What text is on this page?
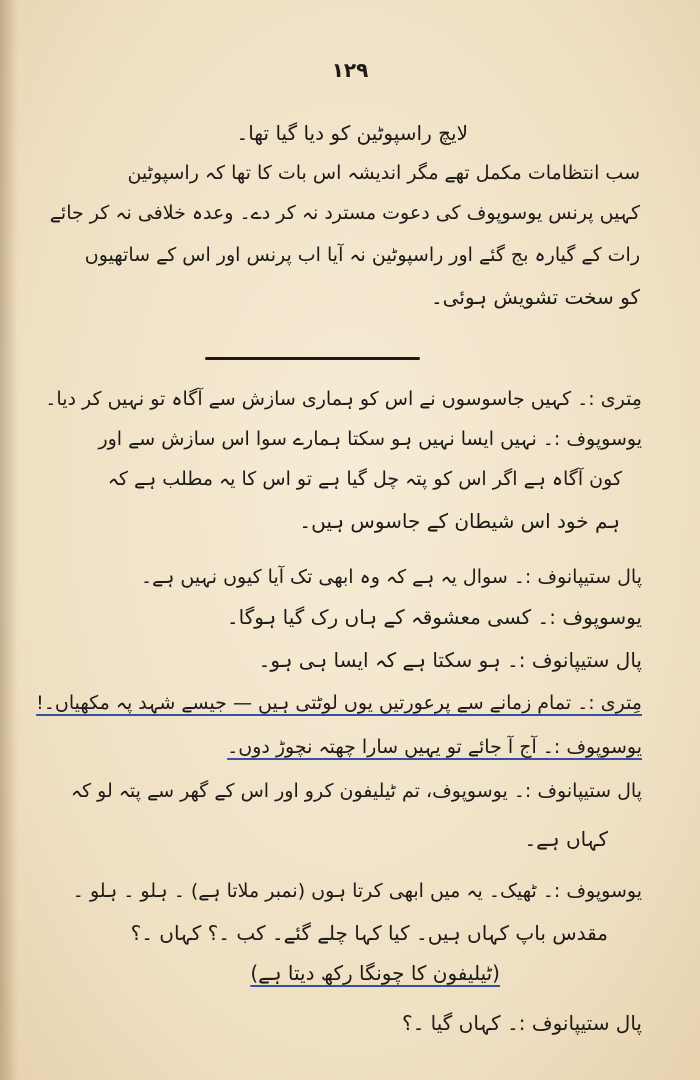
۱۲۹
لایچ راسپوٹین کو دیا گیا تھا۔
سب انتظامات مکمل تھے مگر اندیشہ اس بات کا تھا کہ راسپوٹین
کہیں پرنس یوسوپوف کی دعوت مسترد نہ کر دے۔ وعدہ خلافی نہ کر جائے
رات کے گیارہ بج گئے اور راسپوٹین نہ آیا اب پرنس اور اس کے ساتھیوں
کو سخت تشویش ہوئی۔
مِتری :۔ کہیں جاسوسوں نے اس کو ہماری سازش سے آگاہ تو نہیں کر دیا۔
یوسوپوف :۔ نہیں ایسا نہیں ہو سکتا ہمارے سوا اس سازش سے اور
کون آگاہ ہے اگر اس کو پتہ چل گیا ہے تو اس کا یہ مطلب ہے کہ
ہم خود اس شیطان کے جاسوس ہیں۔
پال ستیپانوف :۔ سوال یہ ہے کہ وہ ابھی تک آیا کیوں نہیں ہے۔
یوسوپوف :۔ کسی معشوقہ کے ہاں رک گیا ہوگا۔
پال ستیپانوف :۔ ہو سکتا ہے کہ ایسا ہی ہو۔
مِتری :۔ تمام زمانے سے پرعورتیں یوں لوٹتی ہیں — جیسے شہد پہ مکھیاں۔!
یوسوپوف :۔ آج آ جائے تو یہیں سارا چھتہ نچوڑ دوں۔
پال ستیپانوف :۔ یوسوپوف، تم ٹیلیفون کرو اور اس کے گھر سے پتہ لو کہ
کہاں ہے۔
یوسوپوف :۔ ٹھیک۔ یہ میں ابھی کرتا ہوں (نمبر ملاتا ہے) ۔ ہلو ۔ ہلو ۔
مقدس باپ کہاں ہیں۔ کیا کہا چلے گئے۔ کب ۔؟ کہاں ۔؟
(ٹیلیفون کا چونگا رکھ دیتا ہے)
پال ستیپانوف :۔ کہاں گیا ۔؟
